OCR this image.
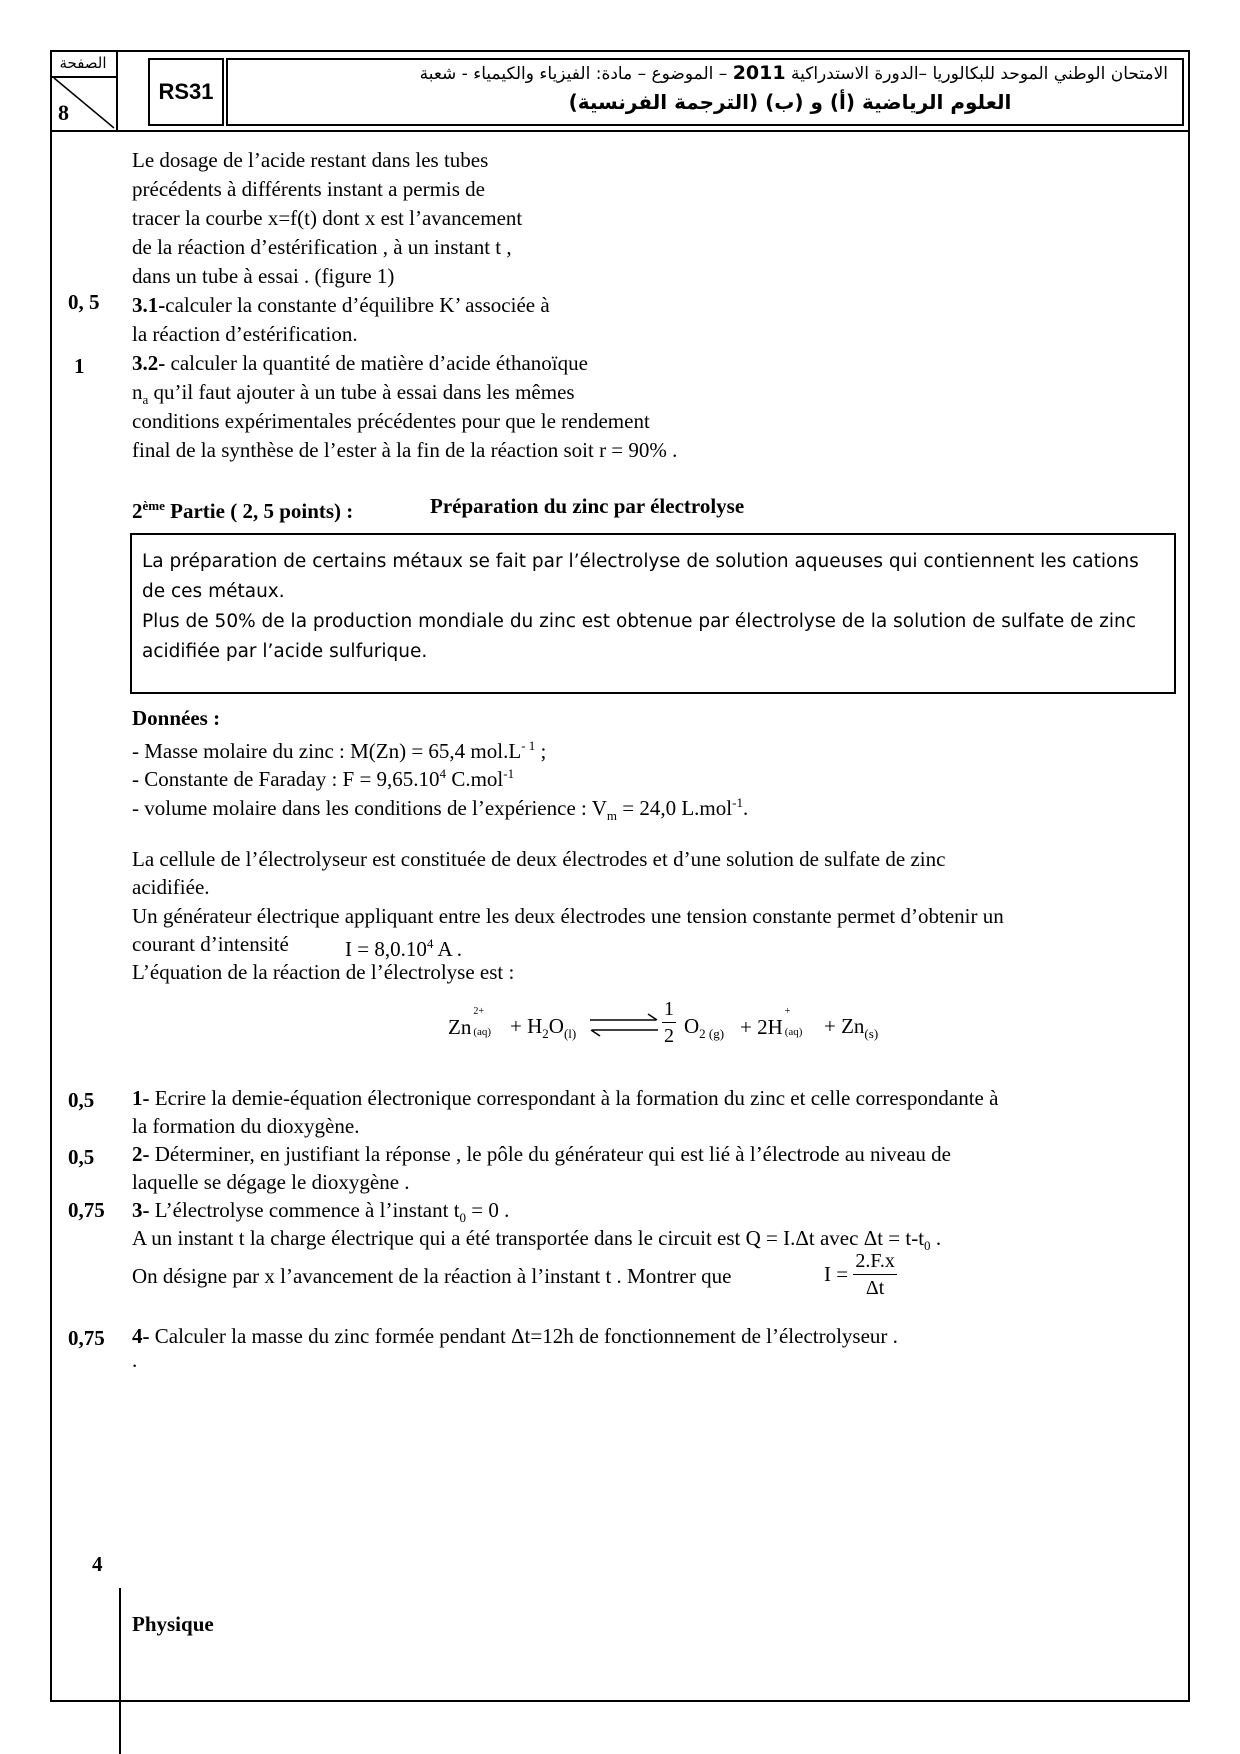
الصفحة
8
RS31
الامتحان الوطني الموحد للبكالوريا –الدورة الاستدراكية 2011 – الموضوع – مادة: الفيزياء والكيمياء - شعبة
العلوم الرياضية (أ) و (ب) (الترجمة الفرنسية)
Le dosage de l’acide restant dans les tubes
précédents à différents instant a permis de
tracer la courbe x=f(t) dont x est l’avancement
de la réaction d’estérification , à un instant t ,
dans un tube à essai . (figure 1)
0, 5 3.1-calculer la constante d’équilibre K’ associée à
la réaction d’estérification.
1 3.2- calculer la quantité de matière d’acide éthanoïque
$n_a$ qu’il faut ajouter à un tube à essai dans les mêmes
conditions expérimentales précédentes pour que le rendement
final de la synthèse de l’ester à la fin de la réaction soit r = 90% .
2ème Partie ( 2, 5 points) :	Préparation du zinc par électrolyse

La préparation de certains métaux se fait par l’électrolyse de solution aqueuses qui contiennent les cations de ces métaux.

Plus de 50% de la production mondiale du zinc est obtenue par électrolyse de la solution de sulfate de zinc acidifiée par l’acide sulfurique.

Données :
- Masse molaire du zinc : M(Zn) = 65,4 $mol.L^{- 1}$ ;
- Constante de Faraday : $F = 9,65.10^4$ C.mol$^{-1}$
- volume molaire dans les conditions de l’expérience : $V_m = 24,0$ L.mol$^{-1}$.
La cellule de l’électrolyseur est constituée de deux électrodes et d’une solution de sulfate de zinc
acidifiée.
Un générateur électrique appliquant entre les deux électrodes une tension constante permet d’obtenir un
courant d’intensité	$I = 8,0.10^4$ A .
L’équation de la réaction de l’électrolyse est :
Zn
2+
$(aq) + H_2O_{(l)}$ ⇌ $\frac{1}{2} O_{2 (g)} + 2H$
+
$(aq) + Zn_{(s)}$
0,5 1- Ecrire la demie-équation électronique correspondant à la formation du zinc et celle correspondante à
la formation du dioxygène.
0,5 2- Déterminer, en justifiant la réponse , le pôle du générateur qui est lié à l’électrode au niveau de
laquelle se dégage le dioxygène .
0,75 3- L’électrolyse commence à l’instant $t_0 = 0$ .
A un instant t la charge électrique qui a été transportée dans le circuit est Q = I.Δt avec $\Delta t = t-t_0$ .
On désigne par x l’avancement de la réaction à l’instant t . Montrer que	$I = \frac{2.F.x}{\Delta t}$
0,75 4- Calculer la masse du zinc formée pendant Δt=12h de fonctionnement de l’électrolyseur .
.
4
Physique
